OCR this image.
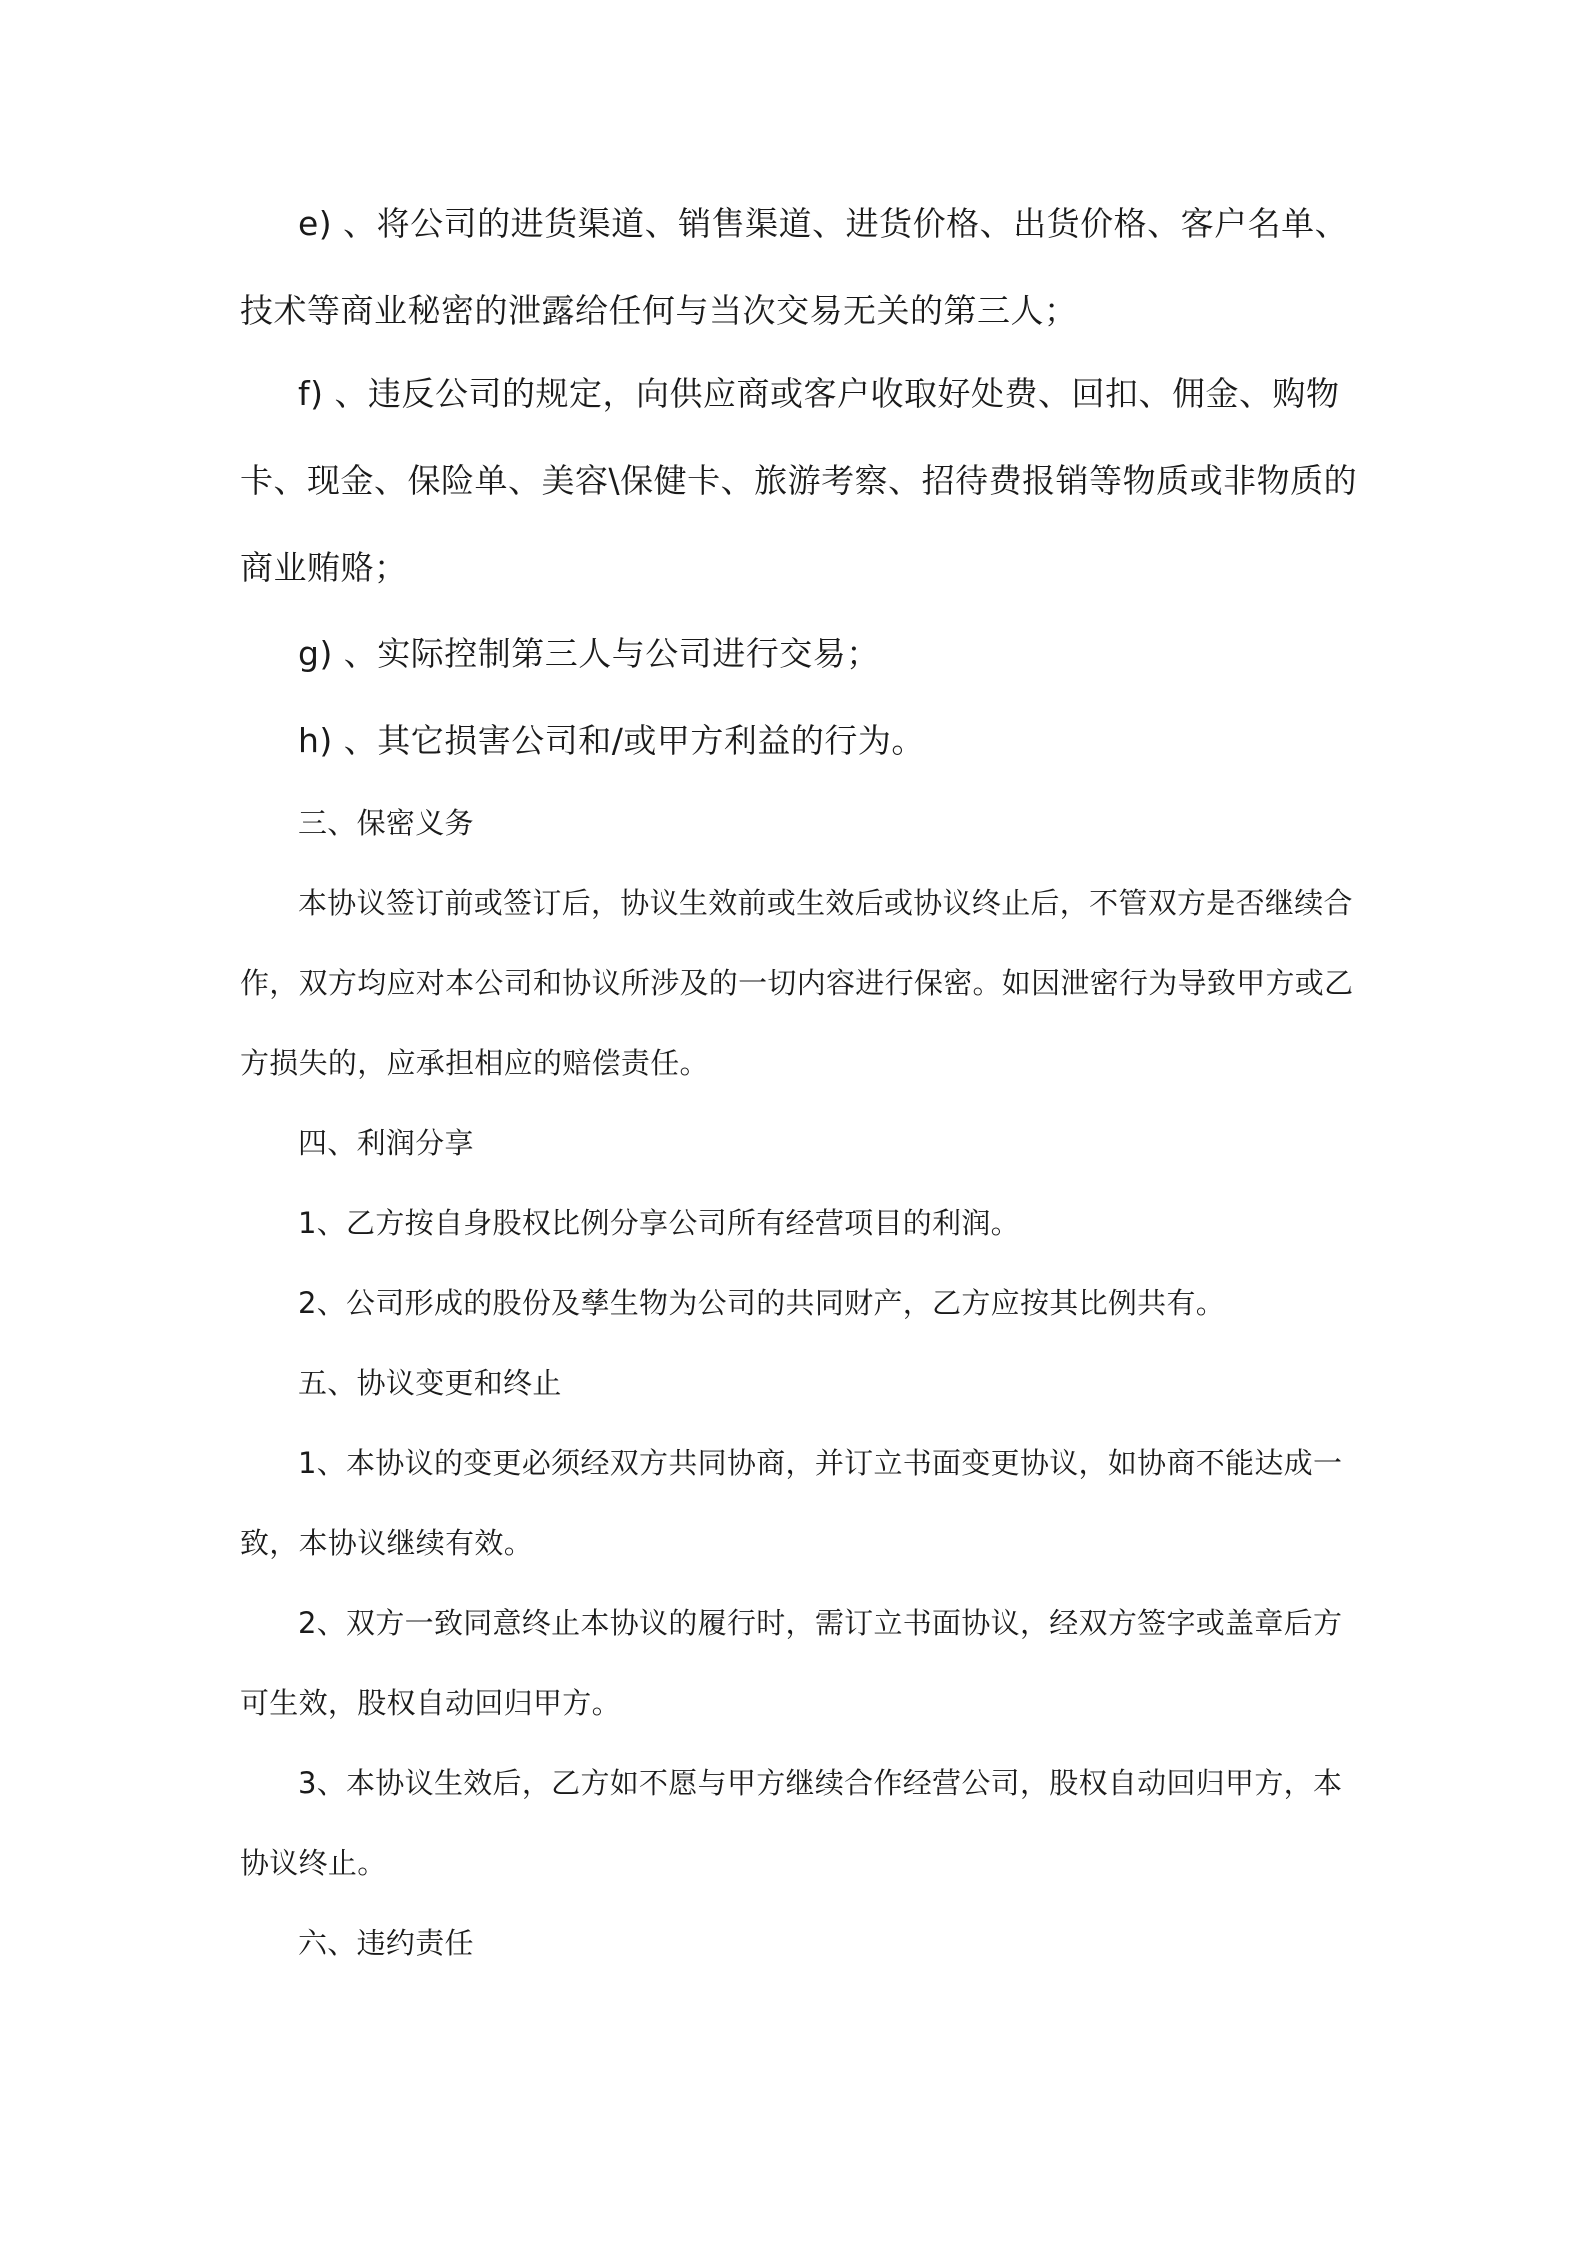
e) 、将公司的进货渠道、销售渠道、进货价格、出货价格、客户名单、技术等商业秘密的泄露给任何与当次交易无关的第三人；

f) 、违反公司的规定，向供应商或客户收取好处费、回扣、佣金、购物卡、现金、保险单、美容\保健卡、旅游考察、招待费报销等物质或非物质的商业贿赂；

g) 、实际控制第三人与公司进行交易；

h) 、其它损害公司和/或甲方利益的行为。

三、保密义务

本协议签订前或签订后，协议生效前或生效后或协议终止后，不管双方是否继续合作，双方均应对本公司和协议所涉及的一切内容进行保密。如因泄密行为导致甲方或乙方损失的，应承担相应的赔偿责任。

四、利润分享

1、乙方按自身股权比例分享公司所有经营项目的利润。

2、公司形成的股份及孳生物为公司的共同财产，乙方应按其比例共有。

五、协议变更和终止

1、本协议的变更必须经双方共同协商，并订立书面变更协议，如协商不能达成一致，本协议继续有效。

2、双方一致同意终止本协议的履行时，需订立书面协议，经双方签字或盖章后方可生效，股权自动回归甲方。

3、本协议生效后，乙方如不愿与甲方继续合作经营公司，股权自动回归甲方，本协议终止。

六、违约责任
